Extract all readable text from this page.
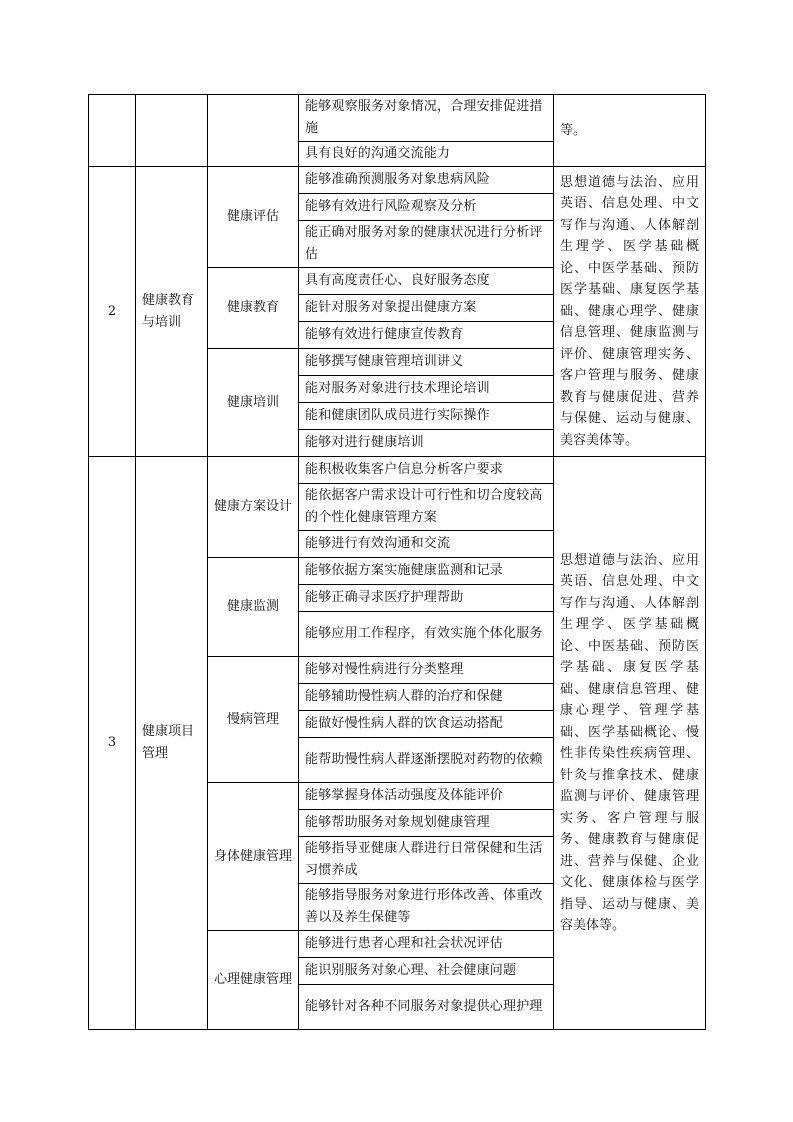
			能够观察服务对象情况，合理安排促进措施	等。
			具有良好的沟通交流能力	
2	健康教育与培训	健康评估	能够准确预测服务对象患病风险	思想道德与法治、应用英语、信息处理、中文写作与沟通、人体解剖生理学、医学基础概论、中医学基础、预防医学基础、康复医学基础、健康心理学、健康信息管理、健康监测与评价、健康管理实务、客户管理与服务、健康教育与健康促进、营养与保健、运动与健康、美容美体等。
			能够有效进行风险观察及分析	
			能正确对服务对象的健康状况进行分析评估	
		健康教育	具有高度责任心、良好服务态度	
			能针对服务对象提出健康方案	
			能够有效进行健康宣传教育	
		健康培训	能够撰写健康管理培训讲义	
			能对服务对象进行技术理论培训	
			能和健康团队成员进行实际操作	
			能够对进行健康培训	
3	健康项目管理	健康方案设计	能积极收集客户信息分析客户要求	思想道德与法治、应用英语、信息处理、中文写作与沟通、人体解剖生理学、医学基础概论、中医基础、预防医学基础、康复医学基础、健康信息管理、健康心理学、管理学基础、医学基础概论、慢性非传染性疾病管理、针灸与推拿技术、健康监测与评价、健康管理实务、客户管理与服务、健康教育与健康促进、营养与保健、企业文化、健康体检与医学指导、运动与健康、美容美体等。
			能依据客户需求设计可行性和切合度较高的个性化健康管理方案	
			能够进行有效沟通和交流	
		健康监测	能够依据方案实施健康监测和记录	
			能够正确寻求医疗护理帮助	
			能够应用工作程序，有效实施个体化服务	
		慢病管理	能够对慢性病进行分类整理	
			能够辅助慢性病人群的治疗和保健	
			能做好慢性病人群的饮食运动搭配	
			能帮助慢性病人群逐渐摆脱对药物的依赖	
		身体健康管理	能够掌握身体活动强度及体能评价	
			能够帮助服务对象规划健康管理	
			能够指导亚健康人群进行日常保健和生活习惯养成	
			能够指导服务对象进行形体改善、体重改善以及养生保健等	
		心理健康管理	能够进行患者心理和社会状况评估	
			能识别服务对象心理、社会健康问题	
			能够针对各种不同服务对象提供心理护理	
